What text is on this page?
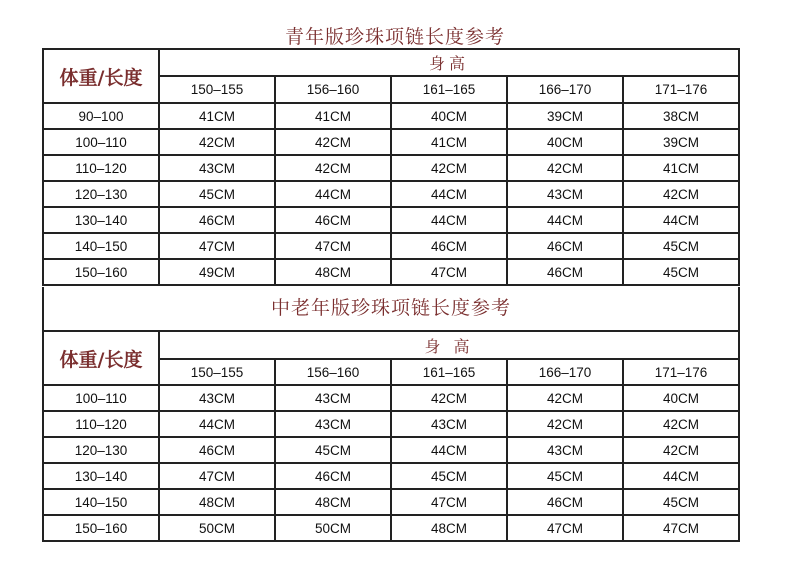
青年版珍珠项链长度参考
体重/长度	身高				
	150–155	156–160	161–165	166–170	171–176
90–100	41CM	41CM	40CM	39CM	38CM
100–110	42CM	42CM	41CM	40CM	39CM
110–120	43CM	42CM	42CM	42CM	41CM
120–130	45CM	44CM	44CM	43CM	42CM
130–140	46CM	46CM	44CM	44CM	44CM
140–150	47CM	47CM	46CM	46CM	45CM
150–160	49CM	48CM	47CM	46CM	45CM
体重/长度	身 高				
	150–155	156–160	161–165	166–170	171–176
100–110	43CM	43CM	42CM	42CM	40CM
110–120	44CM	43CM	43CM	42CM	42CM
120–130	46CM	45CM	44CM	43CM	42CM
130–140	47CM	46CM	45CM	45CM	44CM
140–150	48CM	48CM	47CM	46CM	45CM
150–160	50CM	50CM	48CM	47CM	47CM
中老年版珍珠项链长度参考
